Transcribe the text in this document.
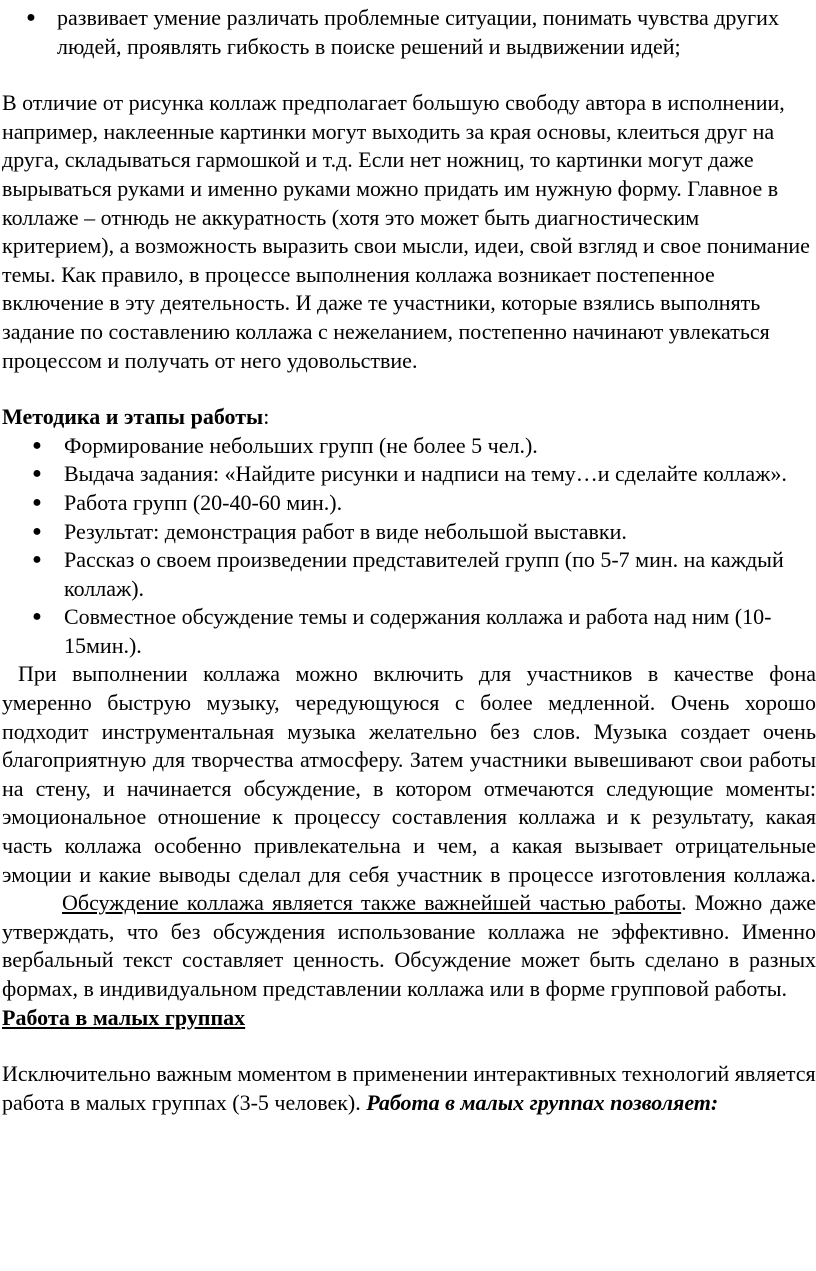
● развивает умение различать проблемные ситуации, понимать чувства других людей, проявлять гибкость в поиске решений и выдвижении идей;

В отличие от рисунка коллаж предполагает большую свободу автора в исполнении, например, наклеенные картинки могут выходить за края основы, клеиться друг на друга, складываться гармошкой и т.д. Если нет ножниц, то картинки могут даже вырываться руками и именно руками можно придать им нужную форму. Главное в коллаже – отнюдь не аккуратность (хотя это может быть диагностическим критерием), а возможность выразить свои мысли, идеи, свой взгляд и свое понимание темы. Как правило, в процессе выполнения коллажа возникает постепенное включение в эту деятельность. И даже те участники, которые взялись выполнять задание по составлению коллажа с нежеланием, постепенно начинают увлекаться процессом и получать от него удовольствие.

Методика и этапы работы:

●	Формирование небольших групп (не более 5 чел.).
●	Выдача задания: «Найдите рисунки и надписи на тему…и сделайте коллаж».
●	Работа групп (20-40-60 мин.).
●	Результат: демонстрация работ в виде небольшой выставки.
●	Рассказ о своем произведении представителей групп (по 5-7 мин. на каждый коллаж).
●	Совместное обсуждение темы и содержания коллажа и работа над ним (10-15мин.).

При выполнении коллажа можно включить для участников в качестве фона умеренно быструю музыку, чередующуюся с более медленной. Очень хорошо подходит инструментальная музыка желательно без слов. Музыка создает очень благоприятную для творчества атмосферу. Затем участники вывешивают свои работы на стену, и начинается обсуждение, в котором отмечаются следующие моменты: эмоциональное отношение к процессу составления коллажа и к результату, какая часть коллажа особенно привлекательна и чем, а какая вызывает отрицательные эмоции и какие выводы сделал для себя участник в процессе изготовления коллажа. Обсуждение коллажа является также важнейшей частью работы. Можно даже утверждать, что без обсуждения использование коллажа не эффективно. Именно вербальный текст составляет ценность. Обсуждение может быть сделано в разных формах, в индивидуальном представлении коллажа или в форме групповой работы.

Работа в малых группах

Исключительно важным моментом в применении интерактивных технологий является работа в малых группах (3-5 человек). Работа в малых группах позволяет:
